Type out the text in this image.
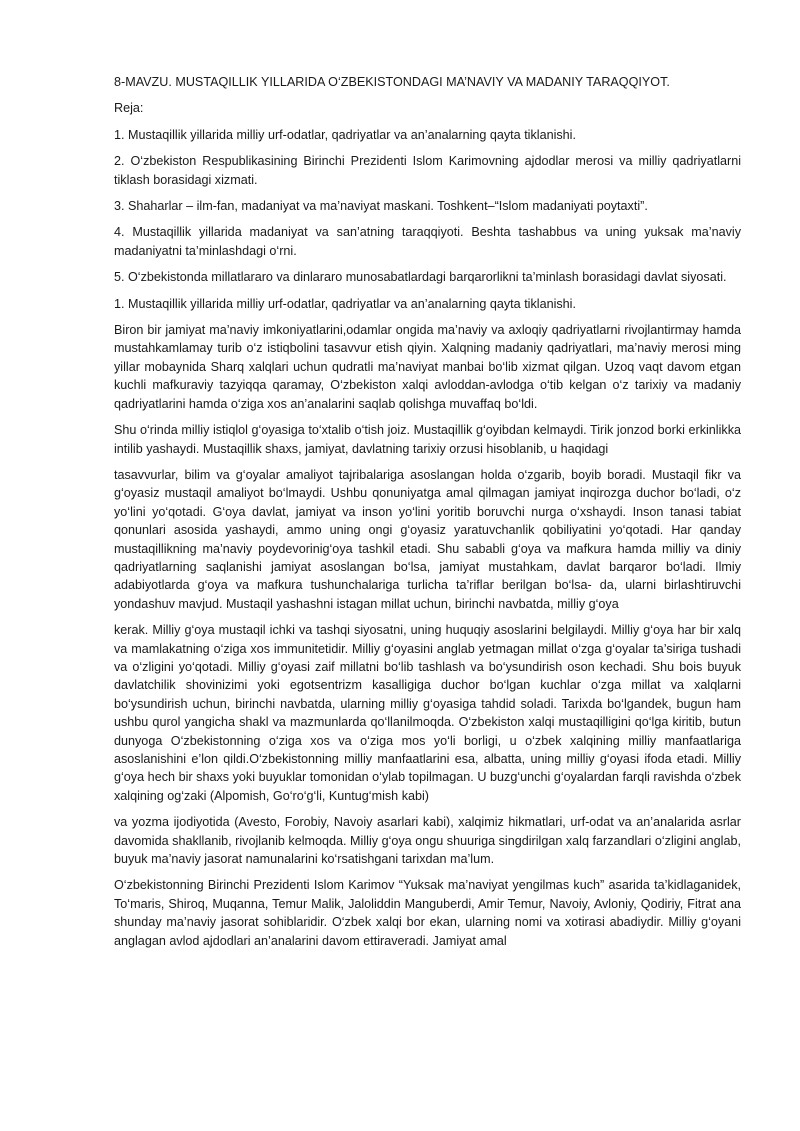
8-MAVZU. MUSTAQILLIK YILLARIDA O‘ZBEKISTONDAGI MA’NAVIY VA MADANIY TARAQQIYOT.

Reja:

1. Mustaqillik yillarida milliy urf-odatlar, qadriyatlar va an’analarning qayta tiklanishi.

2. O‘zbekiston Respublikasining Birinchi Prezidenti Islom Karimovning ajdodlar merosi va milliy qadriyatlarni tiklash borasidagi xizmati.

3. Shaharlar – ilm-fan, madaniyat va ma’naviyat maskani. Toshkent–“Islom madaniyati poytaxti”.

4. Mustaqillik yillarida madaniyat va san’atning taraqqiyoti. Beshta tashabbus va uning yuksak ma’naviy madaniyatni ta’minlashdagi o‘rni.

5. O‘zbekistonda millatlararo va dinlararo munosabatlardagi barqarorlikni ta’minlash borasidagi davlat siyosati.

1. Mustaqillik yillarida milliy urf-odatlar, qadriyatlar va an’analarning qayta tiklanishi.

Biron bir jamiyat ma’naviy imkoniyatlarini,odamlar ongida ma’naviy va axloqiy qadriyatlarni rivojlantirmay hamda mustahkamlamay turib o‘z istiqbolini tasavvur etish qiyin. Xalqning madaniy qadriyatlari, ma’naviy merosi ming yillar mobaynida Sharq xalqlari uchun qudratli ma’naviyat manbai bo‘lib xizmat qilgan. Uzoq vaqt davom etgan kuchli mafkuraviy tazyiqqa qaramay, O‘zbekiston xalqi avloddan-avlodga o‘tib kelgan o‘z tarixiy va madaniy qadriyatlarini hamda o‘ziga xos an’analarini saqlab qolishga muvaffaq bo‘ldi.

Shu o‘rinda milliy istiqlol g‘oyasiga to‘xtalib o‘tish joiz. Mustaqillik g‘oyibdan kelmaydi. Tirik jonzod borki erkinlikka intilib yashaydi. Mustaqillik shaxs, jamiyat, davlatning tarixiy orzusi hisoblanib, u haqidagi

tasavvurlar, bilim va g‘oyalar amaliyot tajribalariga asoslangan holda o‘zgarib, boyib boradi. Mustaqil fikr va g‘oyasiz mustaqil amaliyot bo‘lmaydi. Ushbu qonuniyatga amal qilmagan jamiyat inqirozga duchor bo‘ladi, o‘z yo‘lini yo‘qotadi. G‘oya davlat, jamiyat va inson yo‘lini yoritib boruvchi nurga o‘xshaydi. Inson tanasi tabiat qonunlari asosida yashaydi, ammo uning ongi g‘oyasiz yaratuvchanlik qobiliyatini yo‘qotadi. Har qanday mustaqillikning ma’naviy poydevorinig‘oya tashkil etadi. Shu sababli g‘oya va mafkura hamda milliy va diniy qadriyatlarning saqlanishi jamiyat asoslangan bo‘lsa, jamiyat mustahkam, davlat barqaror bo‘ladi. Ilmiy adabiyotlarda g‘oya va mafkura tushunchalariga turlicha ta’riflar berilgan bo‘lsa- da, ularni birlashtiruvchi yondashuv mavjud. Mustaqil yashashni istagan millat uchun, birinchi navbatda, milliy g‘oya

kerak. Milliy g‘oya mustaqil ichki va tashqi siyosatni, uning huquqiy asoslarini belgilaydi. Milliy g‘oya har bir xalq va mamlakatning o‘ziga xos immunitetidir. Milliy g‘oyasini anglab yetmagan millat o‘zga g‘oyalar ta’siriga tushadi va o‘zligini yo‘qotadi. Milliy g‘oyasi zaif millatni bo‘lib tashlash va bo‘ysundirish oson kechadi. Shu bois buyuk davlatchilik shovinizimi yoki egotsentrizm kasalligiga duchor bo‘lgan kuchlar o‘zga millat va xalqlarni bo‘ysundirish uchun, birinchi navbatda, ularning milliy g‘oyasiga tahdid soladi. Tarixda bo‘lgandek, bugun ham ushbu qurol yangicha shakl va mazmunlarda qo‘llanilmoqda. O‘zbekiston xalqi mustaqilligini qo‘lga kiritib, butun dunyoga O‘zbekistonning o‘ziga xos va o‘ziga mos yo‘li borligi, u o‘zbek xalqining milliy manfaatlariga asoslanishini e’lon qildi.O‘zbekistonning milliy manfaatlarini esa, albatta, uning milliy g‘oyasi ifoda etadi. Milliy g‘oya hech bir shaxs yoki buyuklar tomonidan o‘ylab topilmagan. U buzg‘unchi g‘oyalardan farqli ravishda o‘zbek xalqining og‘zaki (Alpomish, Go‘ro‘g‘li, Kuntug‘mish kabi)

va yozma ijodiyotida (Avesto, Forobiy, Navoiy asarlari kabi), xalqimiz hikmatlari, urf-odat va an’analarida asrlar davomida shakllanib, rivojlanib kelmoqda. Milliy g‘oya ongu shuuriga singdirilgan xalq farzandlari o‘zligini anglab, buyuk ma’naviy jasorat namunalarini ko‘rsatishgani tarixdan ma’lum.

O‘zbekistonning Birinchi Prezidenti Islom Karimov “Yuksak ma’naviyat yengilmas kuch” asarida ta’kidlaganidek, To‘maris, Shiroq, Muqanna, Temur Malik, Jaloliddin Manguberdi, Amir Temur, Navoiy, Avloniy, Qodiriy, Fitrat ana shunday ma’naviy jasorat sohiblaridir. O‘zbek xalqi bor ekan, ularning nomi va xotirasi abadiydir. Milliy g‘oyani anglagan avlod ajdodlari an’analarini davom ettiraveradi. Jamiyat amal
